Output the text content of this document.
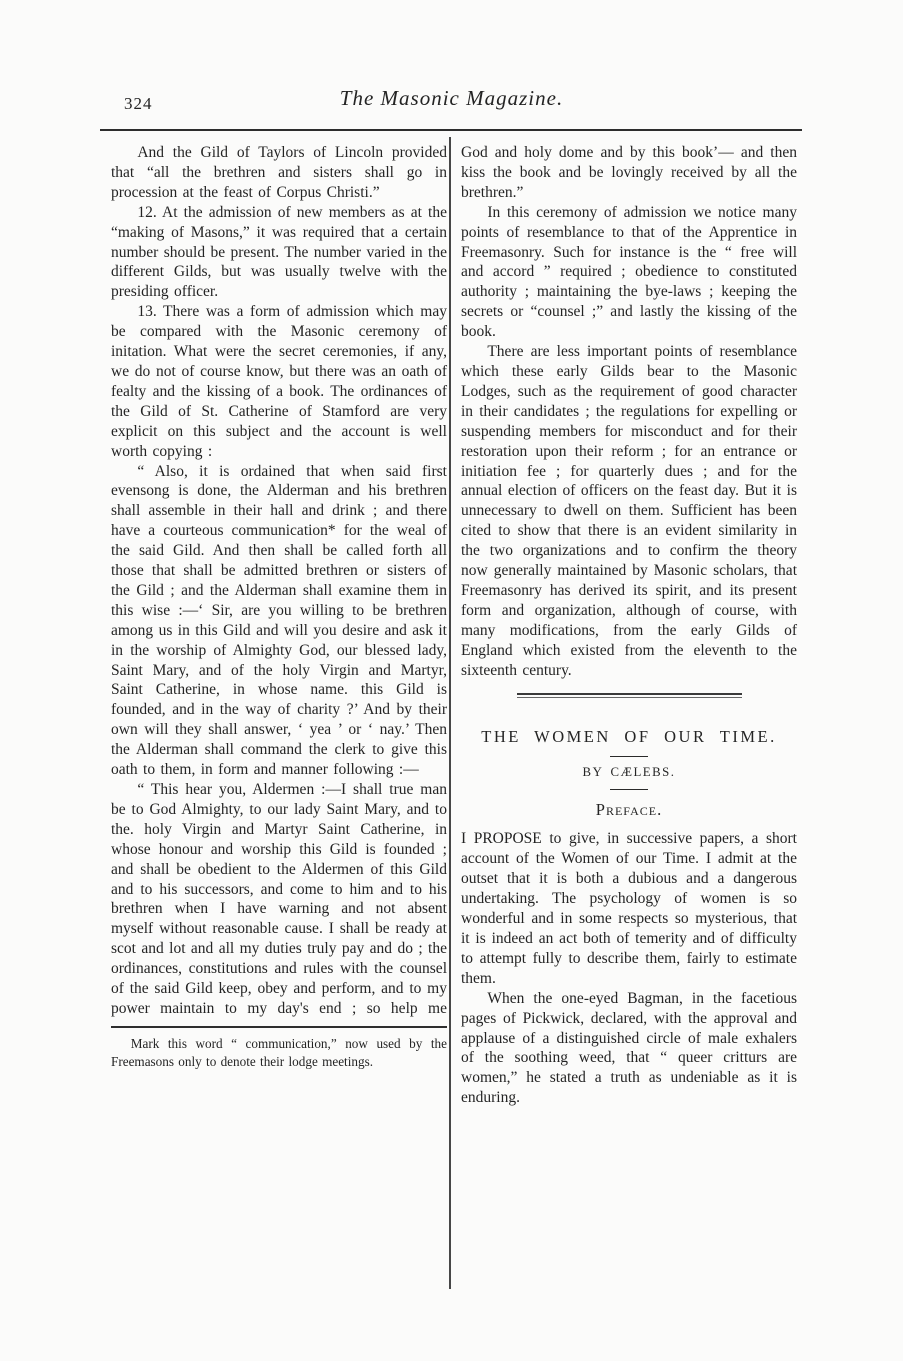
324	The Masonic Magazine.

And the Gild of Taylors of Lincoln provided that “all the brethren and sisters shall go in procession at the feast of Corpus Christi.”

12. At the admission of new members as at the “making of Masons,” it was required that a certain number should be present. The number varied in the different Gilds, but was usually twelve with the presiding officer.

13. There was a form of admission which may be compared with the Masonic ceremony of initation. What were the secret ceremonies, if any, we do not of course know, but there was an oath of fealty and the kissing of a book. The ordinances of the Gild of St. Catherine of Stamford are very explicit on this subject and the account is well worth copying :

“ Also, it is ordained that when said first evensong is done, the Alderman and his brethren shall assemble in their hall and drink ; and there have a courteous communication* for the weal of the said Gild. And then shall be called forth all those that shall be admitted brethren or sisters of the Gild ; and the Alderman shall examine them in this wise :—‘ Sir, are you willing to be brethren among us in this Gild and will you desire and ask it in the worship of Almighty God, our blessed lady, Saint Mary, and of the holy Virgin and Martyr, Saint Catherine, in whose name. this Gild is founded, and in the way of charity ?’ And by their own will they shall answer, ‘ yea ’ or ‘ nay.’ Then the Alderman shall command the clerk to give this oath to them, in form and manner following :—

“ This hear you, Aldermen :—I shall true man be to God Almighty, to our lady Saint Mary, and to the. holy Virgin and Martyr Saint Catherine, in whose honour and worship this Gild is founded ; and shall be obedient to the Aldermen of this Gild and to his successors, and come to him and to his brethren when I have warning and not absent myself without reasonable cause. I shall be ready at scot and lot and all my duties truly pay and do ; the ordinances, constitutions and rules with the counsel of the said Gild keep, obey and perform, and to my power maintain to my day's end ; so help me

Mark this word “ communication,” now used by the Freemasons only to denote their lodge meetings.

God and holy dome and by this book’— and then kiss the book and be lovingly received by all the brethren.”

In this ceremony of admission we notice many points of resemblance to that of the Apprentice in Freemasonry. Such for instance is the “ free will and accord ” required ; obedience to constituted authority ; maintaining the bye-laws ; keeping the secrets or “counsel ;” and lastly the kissing of the book.

There are less important points of resemblance which these early Gilds bear to the Masonic Lodges, such as the requirement of good character in their candidates ; the regulations for expelling or suspending members for misconduct and for their restoration upon their reform ; for an entrance or initiation fee ; for quarterly dues ; and for the annual election of officers on the feast day. But it is unnecessary to dwell on them. Sufficient has been cited to show that there is an evident similarity in the two organizations and to confirm the theory now generally maintained by Masonic scholars, that Freemasonry has derived its spirit, and its present form and organization, although of course, with many modifications, from the early Gilds of England which existed from the eleventh to the sixteenth century.

THE WOMEN OF OUR TIME.
BY CÆLEBS.
Preface.

I PROPOSE to give, in successive papers, a short account of the Women of our Time. I admit at the outset that it is both a dubious and a dangerous undertaking. The psychology of women is so wonderful and in some respects so mysterious, that it is indeed an act both of temerity and of difficulty to attempt fully to describe them, fairly to estimate them.

When the one-eyed Bagman, in the facetious pages of Pickwick, declared, with the approval and applause of a distinguished circle of male exhalers of the soothing weed, that “ queer critturs are women,” he stated a truth as undeniable as it is enduring.
